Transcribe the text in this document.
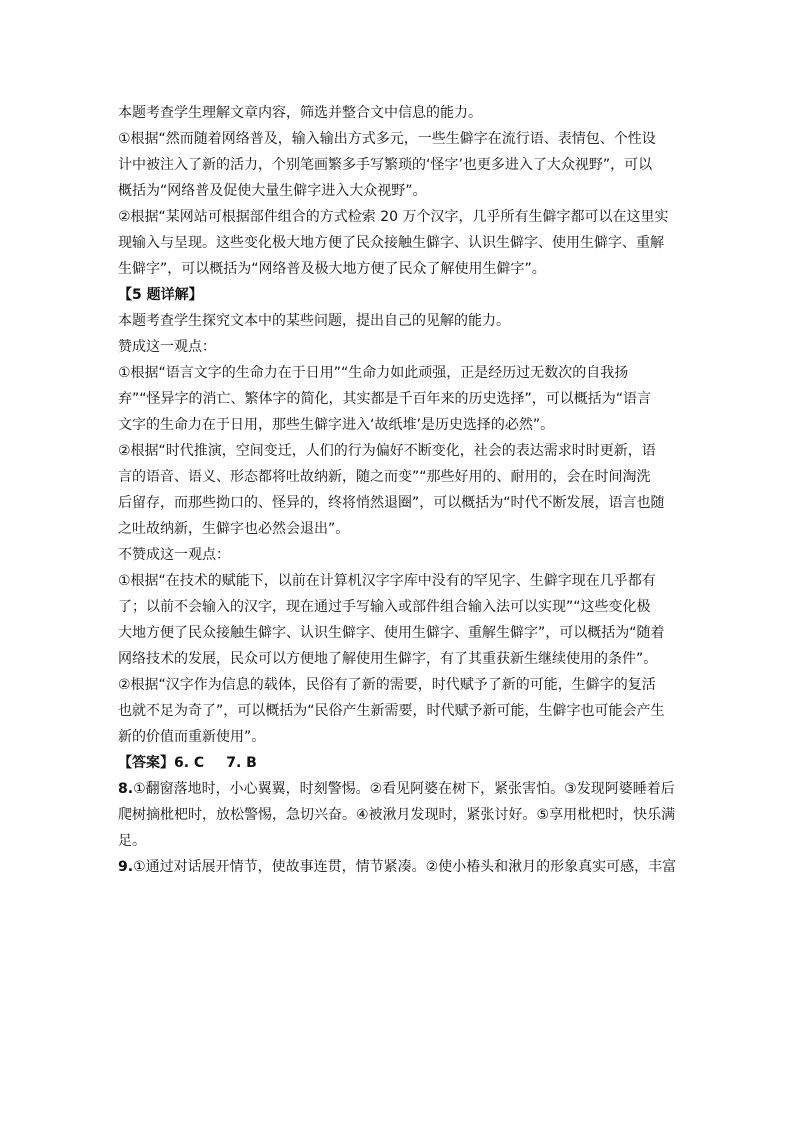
本题考查学生理解文章内容，筛选并整合文中信息的能力。
①根据“然而随着网络普及，输入输出方式多元，一些生僻字在流行语、表情包、个性设
计中被注入了新的活力，个别笔画繁多手写繁琐的‘怪字’也更多进入了大众视野”，可以
概括为“网络普及促使大量生僻字进入大众视野”。
②根据“某网站可根据部件组合的方式检索 20 万个汉字，几乎所有生僻字都可以在这里实
现输入与呈现。这些变化极大地方便了民众接触生僻字、认识生僻字、使用生僻字、重解
生僻字”，可以概括为“网络普及极大地方便了民众了解使用生僻字”。
【5 题详解】
本题考查学生探究文本中的某些问题，提出自己的见解的能力。
赞成这一观点：
①根据“语言文字的生命力在于日用”“生命力如此顽强，正是经历过无数次的自我扬
弃”“怪异字的消亡、繁体字的简化，其实都是千百年来的历史选择”，可以概括为“语言
文字的生命力在于日用，那些生僻字进入‘故纸堆’是历史选择的必然”。
②根据“时代推演，空间变迁，人们的行为偏好不断变化，社会的表达需求时时更新，语
言的语音、语义、形态都将吐故纳新，随之而变”“那些好用的、耐用的，会在时间淘洗
后留存，而那些拗口的、怪异的，终将悄然退圈”，可以概括为“时代不断发展，语言也随
之吐故纳新，生僻字也必然会退出”。
不赞成这一观点：
①根据“在技术的赋能下，以前在计算机汉字字库中没有的罕见字、生僻字现在几乎都有
了；以前不会输入的汉字，现在通过手写输入或部件组合输入法可以实现”“这些变化极
大地方便了民众接触生僻字、认识生僻字、使用生僻字、重解生僻字”，可以概括为“随着
网络技术的发展，民众可以方便地了解使用生僻字，有了其重获新生继续使用的条件”。
②根据“汉字作为信息的载体，民俗有了新的需要，时代赋予了新的可能，生僻字的复活
也就不足为奇了”，可以概括为“民俗产生新需要，时代赋予新可能，生僻字也可能会产生
新的价值而重新使用”。
【答案】6. C 7. B
8.①翻窗落地时，小心翼翼，时刻警惕。②看见阿婆在树下，紧张害怕。③发现阿婆睡着后
爬树摘枇杷时，放松警惕，急切兴奋。④被湫月发现时，紧张讨好。⑤享用枇杷时，快乐满
足。
9.①通过对话展开情节，使故事连贯，情节紧凑。②使小椿头和湫月的形象真实可感，丰富
